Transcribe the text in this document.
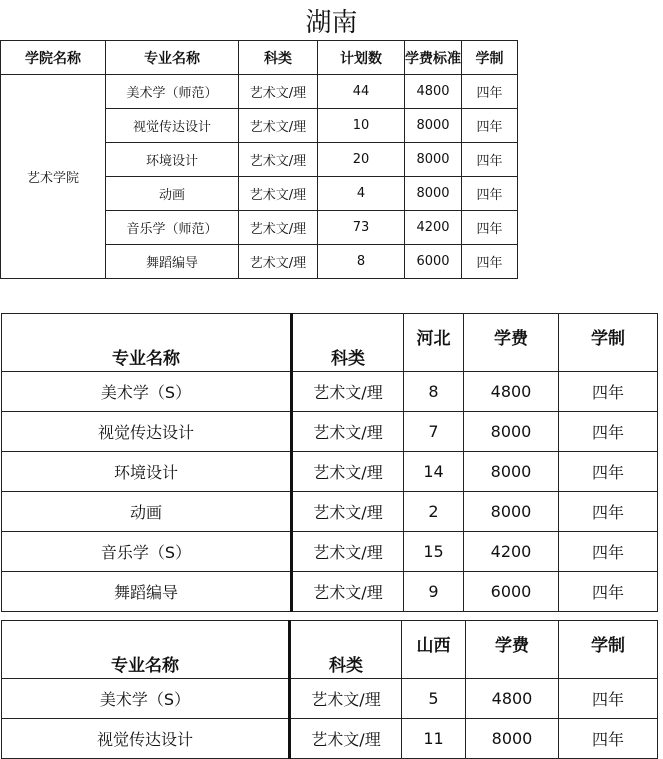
湖南
学院名称	专业名称	科类	计划数	学费标准	学制
艺术学院	美术学（师范）	艺术文/理	44	4800	四年
	视觉传达设计	艺术文/理	10	8000	四年
	环境设计	艺术文/理	20	8000	四年
	动画	艺术文/理	4	8000	四年
	音乐学（师范）	艺术文/理	73	4200	四年
	舞蹈编导	艺术文/理	8	6000	四年
专业名称	科类	河北	学费	学制
美术学（S）	艺术文/理	8	4800	四年
视觉传达设计	艺术文/理	7	8000	四年
环境设计	艺术文/理	14	8000	四年
动画	艺术文/理	2	8000	四年
音乐学（S）	艺术文/理	15	4200	四年
舞蹈编导	艺术文/理	9	6000	四年
专业名称	科类	山西	学费	学制
美术学（S）	艺术文/理	5	4800	四年
视觉传达设计	艺术文/理	11	8000	四年
